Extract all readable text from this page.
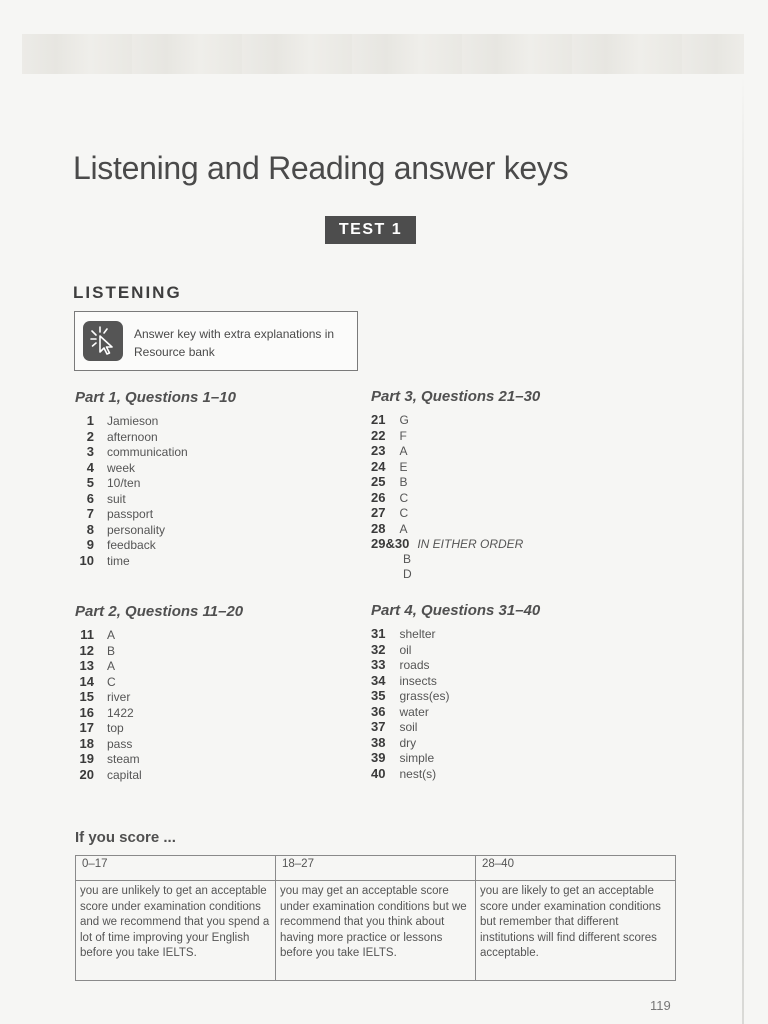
Listening and Reading answer keys
TEST 1
LISTENING
Answer key with extra explanations in Resource bank
Part 1, Questions 1–10
1 Jamieson
2 afternoon
3 communication
4 week
5 10/ten
6 suit
7 passport
8 personality
9 feedback
10 time
Part 2, Questions 11–20
11 A
12 B
13 A
14 C
15 river
16 1422
17 top
18 pass
19 steam
20 capital
Part 3, Questions 21–30
21 G
22 F
23 A
24 E
25 B
26 C
27 C
28 A
29&30 IN EITHER ORDER
B
D
Part 4, Questions 31–40
31 shelter
32 oil
33 roads
34 insects
35 grass(es)
36 water
37 soil
38 dry
39 simple
40 nest(s)
If you score ...
0–17	18–27	28–40
you are unlikely to get an acceptable score under examination conditions and we recommend that you spend a lot of time improving your English before you take IELTS.	you may get an acceptable score under examination conditions but we recommend that you think about having more practice or lessons before you take IELTS.	you are likely to get an acceptable score under examination conditions but remember that different institutions will find different scores acceptable.
119
